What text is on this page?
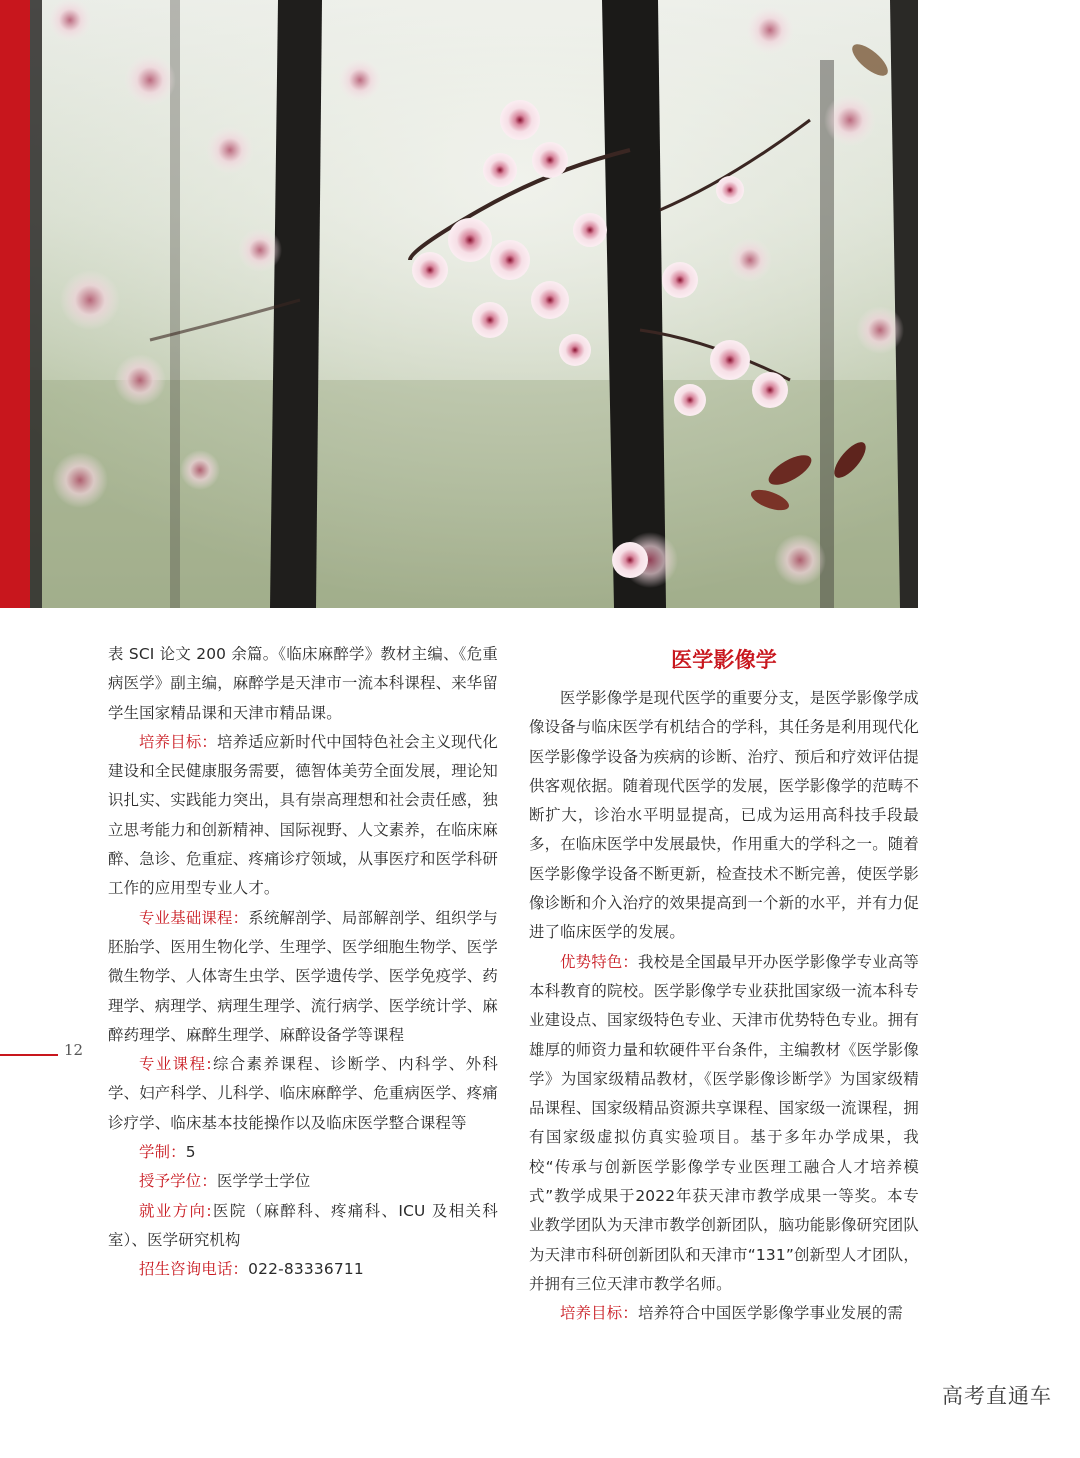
表 SCI 论文 200 余篇。《临床麻醉学》教材主编、《危重病医学》副主编，麻醉学是天津市一流本科课程、来华留学生国家精品课和天津市精品课。

培养目标：培养适应新时代中国特色社会主义现代化建设和全民健康服务需要，德智体美劳全面发展，理论知识扎实、实践能力突出，具有崇高理想和社会责任感，独立思考能力和创新精神、国际视野、人文素养，在临床麻醉、急诊、危重症、疼痛诊疗领域，从事医疗和医学科研工作的应用型专业人才。

专业基础课程：系统解剖学、局部解剖学、组织学与胚胎学、医用生物化学、生理学、医学细胞生物学、医学微生物学、人体寄生虫学、医学遗传学、医学免疫学、药理学、病理学、病理生理学、流行病学、医学统计学、麻醉药理学、麻醉生理学、麻醉设备学等课程

专业课程:综合素养课程、诊断学、内科学、外科学、妇产科学、儿科学、临床麻醉学、危重病医学、疼痛诊疗学、临床基本技能操作以及临床医学整合课程等

学制：5

授予学位：医学学士学位

就业方向:医院（麻醉科、疼痛科、ICU 及相关科室）、医学研究机构

招生咨询电话：022-83336711

医学影像学

医学影像学是现代医学的重要分支，是医学影像学成像设备与临床医学有机结合的学科，其任务是利用现代化医学影像学设备为疾病的诊断、治疗、预后和疗效评估提供客观依据。随着现代医学的发展，医学影像学的范畴不断扩大，诊治水平明显提高，已成为运用高科技手段最多，在临床医学中发展最快，作用重大的学科之一。随着医学影像学设备不断更新，检查技术不断完善，使医学影像诊断和介入治疗的效果提高到一个新的水平，并有力促进了临床医学的发展。

优势特色：我校是全国最早开办医学影像学专业高等本科教育的院校。医学影像学专业获批国家级一流本科专业建设点、国家级特色专业、天津市优势特色专业。拥有雄厚的师资力量和软硬件平台条件，主编教材《医学影像学》为国家级精品教材，《医学影像诊断学》为国家级精品课程、国家级精品资源共享课程、国家级一流课程，拥有国家级虚拟仿真实验项目。基于多年办学成果，我校“传承与创新医学影像学专业医理工融合人才培养模式”教学成果于2022年获天津市教学成果一等奖。本专业教学团队为天津市教学创新团队，脑功能影像研究团队为天津市科研创新团队和天津市“131”创新型人才团队，并拥有三位天津市教学名师。

培养目标：培养符合中国医学影像学事业发展的需

12
高考直通车
